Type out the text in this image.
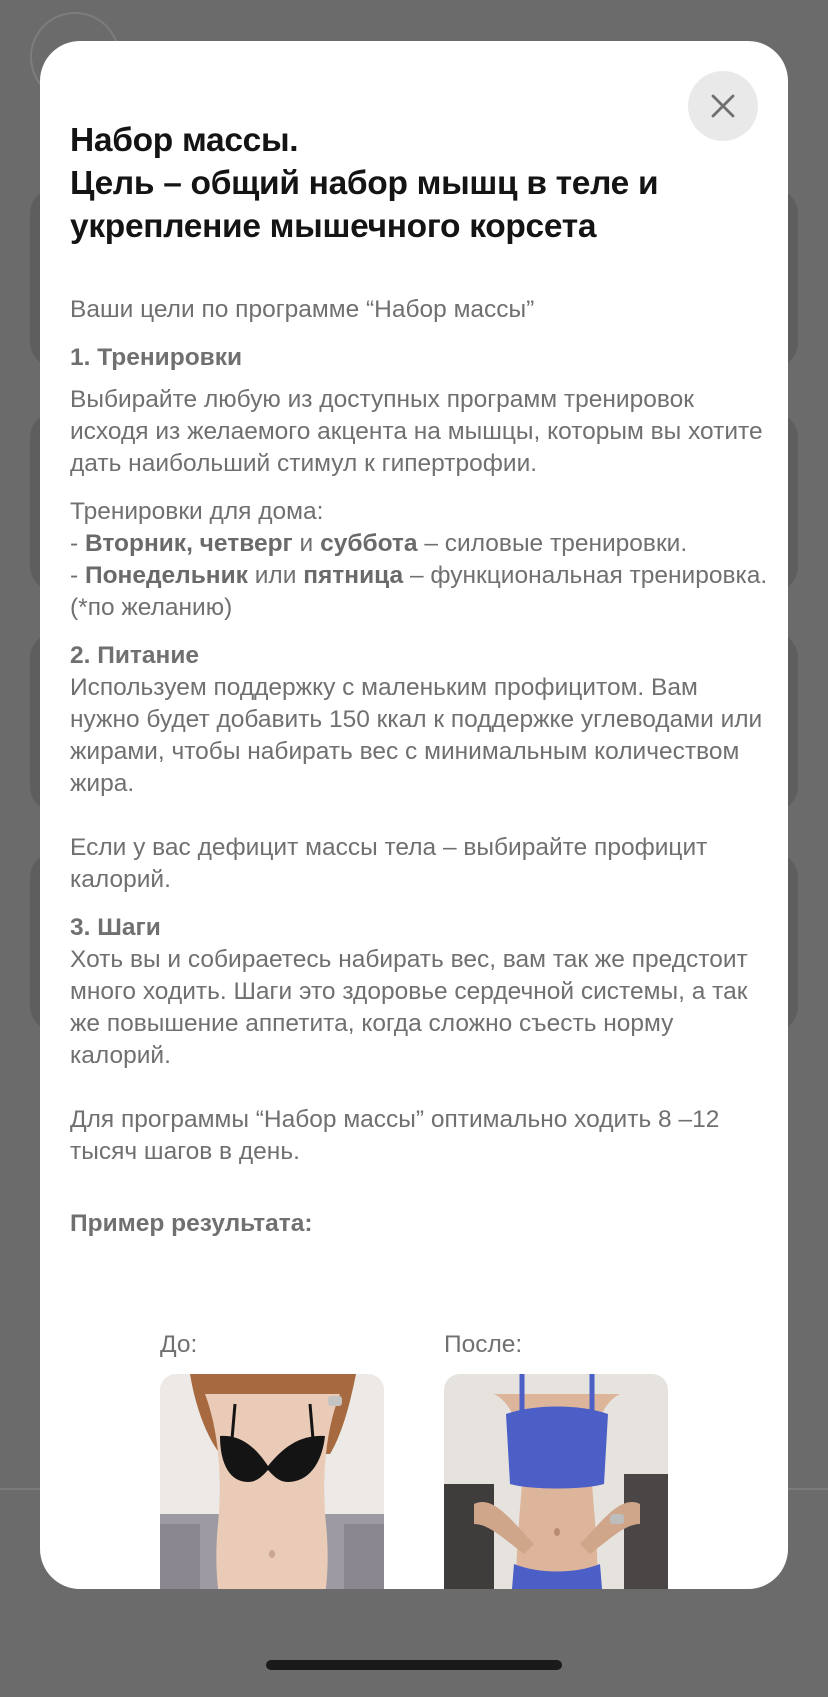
Набор массы.
Цель – общий набор мышц в теле и укрепление мышечного корсета
Ваши цели по программе “Набор массы”
1. Тренировки
Выбирайте любую из доступных программ тренировок исходя из желаемого акцента на мышцы, которым вы хотите дать наибольший стимул к гипертрофии.

Тренировки для дома:

- Вторник, четверг и суббота – силовые тренировки.

- Понедельник или пятница – функциональная тренировка.

(*по желанию)

2. Питание
Используем поддержку с маленьким профицитом. Вам нужно будет добавить 150 ккал к поддержке углеводами или жирами, чтобы набирать вес с минимальным количеством жира.
Если у вас дефицит массы тела – выбирайте профицит калорий.
3. Шаги
Хоть вы и собираетесь набирать вес, вам так же предстоит много ходить. Шаги это здоровье сердечной системы, а так же повышение аппетита, когда сложно съесть норму калорий.
Для программы “Набор массы” оптимально ходить 8 –12 тысяч шагов в день.
Пример результата:
До:	После:
